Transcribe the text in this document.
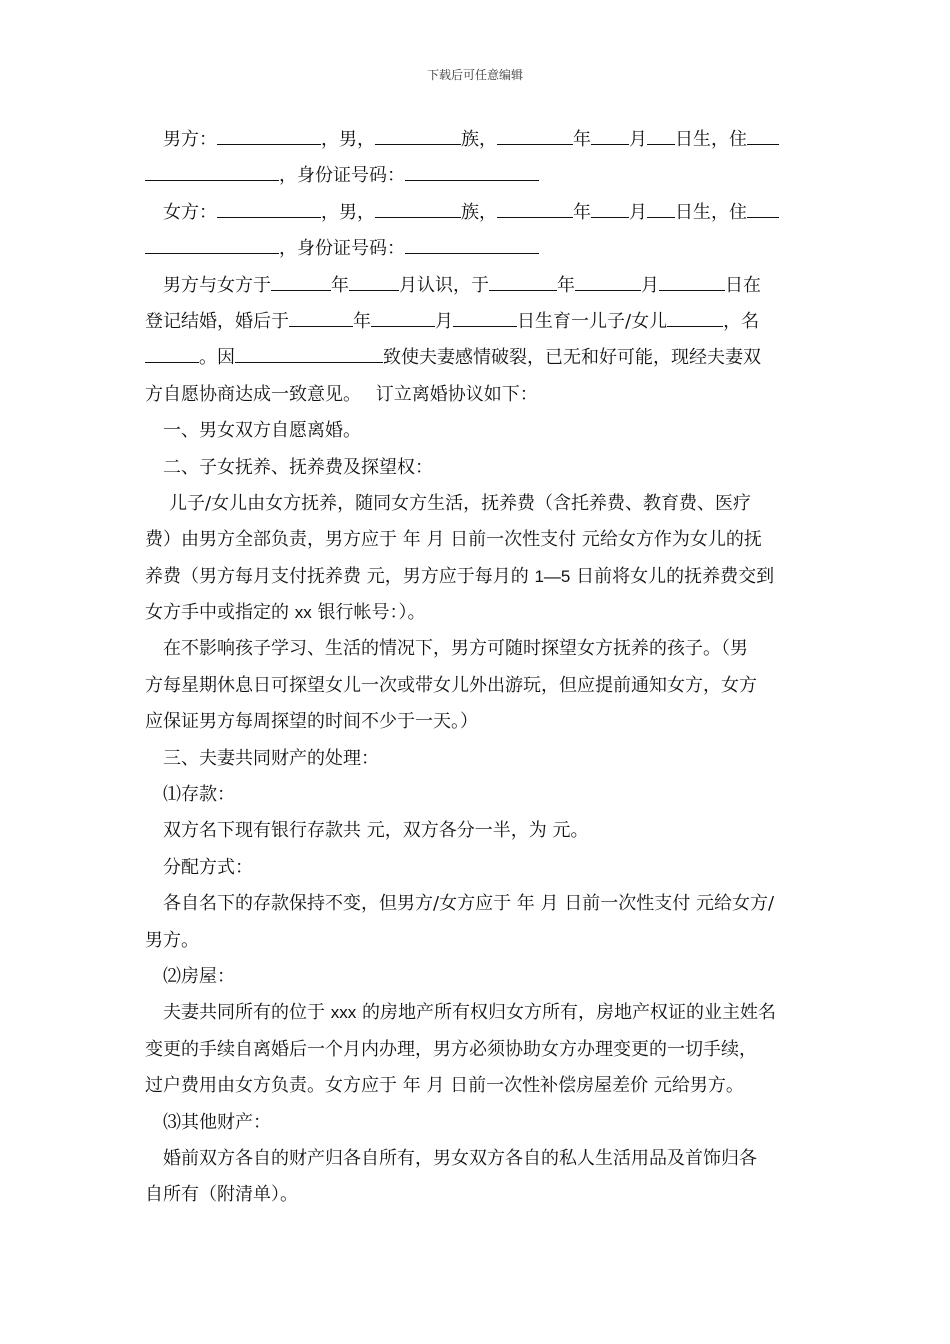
下载后可任意编辑
男方：	，男，	族，	年 月 日生，住
，身份证号码：
女方：	，男，	族，	年 月 日生，住
，身份证号码：
男方与女方于	年	月认识，于	年	月	日在
登记结婚，婚后于	年	月	日生育一儿子/女儿	，名
。因	致使夫妻感情破裂，已无和好可能，现经夫妻双
方自愿协商达成一致意见。　 订立离婚协议如下：
一、男女双方自愿离婚。
二、子女抚养、抚养费及探望权：
儿子/女儿由女方抚养，随同女方生活，抚养费（含托养费、教育费、医疗
费）由男方全部负责，男方应于 年 月 日前一次性支付 元给女方作为女儿的抚
养费（男方每月支付抚养费 元，男方应于每月的 1—5 日前将女儿的抚养费交到
女方手中或指定的 xx 银行帐号：）。
在不影响孩子学习、生活的情况下，男方可随时探望女方抚养的孩子。（男
方每星期休息日可探望女儿一次或带女儿外出游玩，但应提前通知女方，女方
应保证男方每周探望的时间不少于一天。）
三、夫妻共同财产的处理：
⑴存款：
双方名下现有银行存款共 元，双方各分一半，为 元。
分配方式：
各自名下的存款保持不变，但男方/女方应于 年 月 日前一次性支付 元给女方/
男方。
⑵房屋：
夫妻共同所有的位于 xxx 的房地产所有权归女方所有，房地产权证的业主姓名
变更的手续自离婚后一个月内办理，男方必须协助女方办理变更的一切手续，
过户费用由女方负责。女方应于 年 月 日前一次性补偿房屋差价 元给男方。
⑶其他财产：
婚前双方各自的财产归各自所有，男女双方各自的私人生活用品及首饰归各
自所有（附清单）。
